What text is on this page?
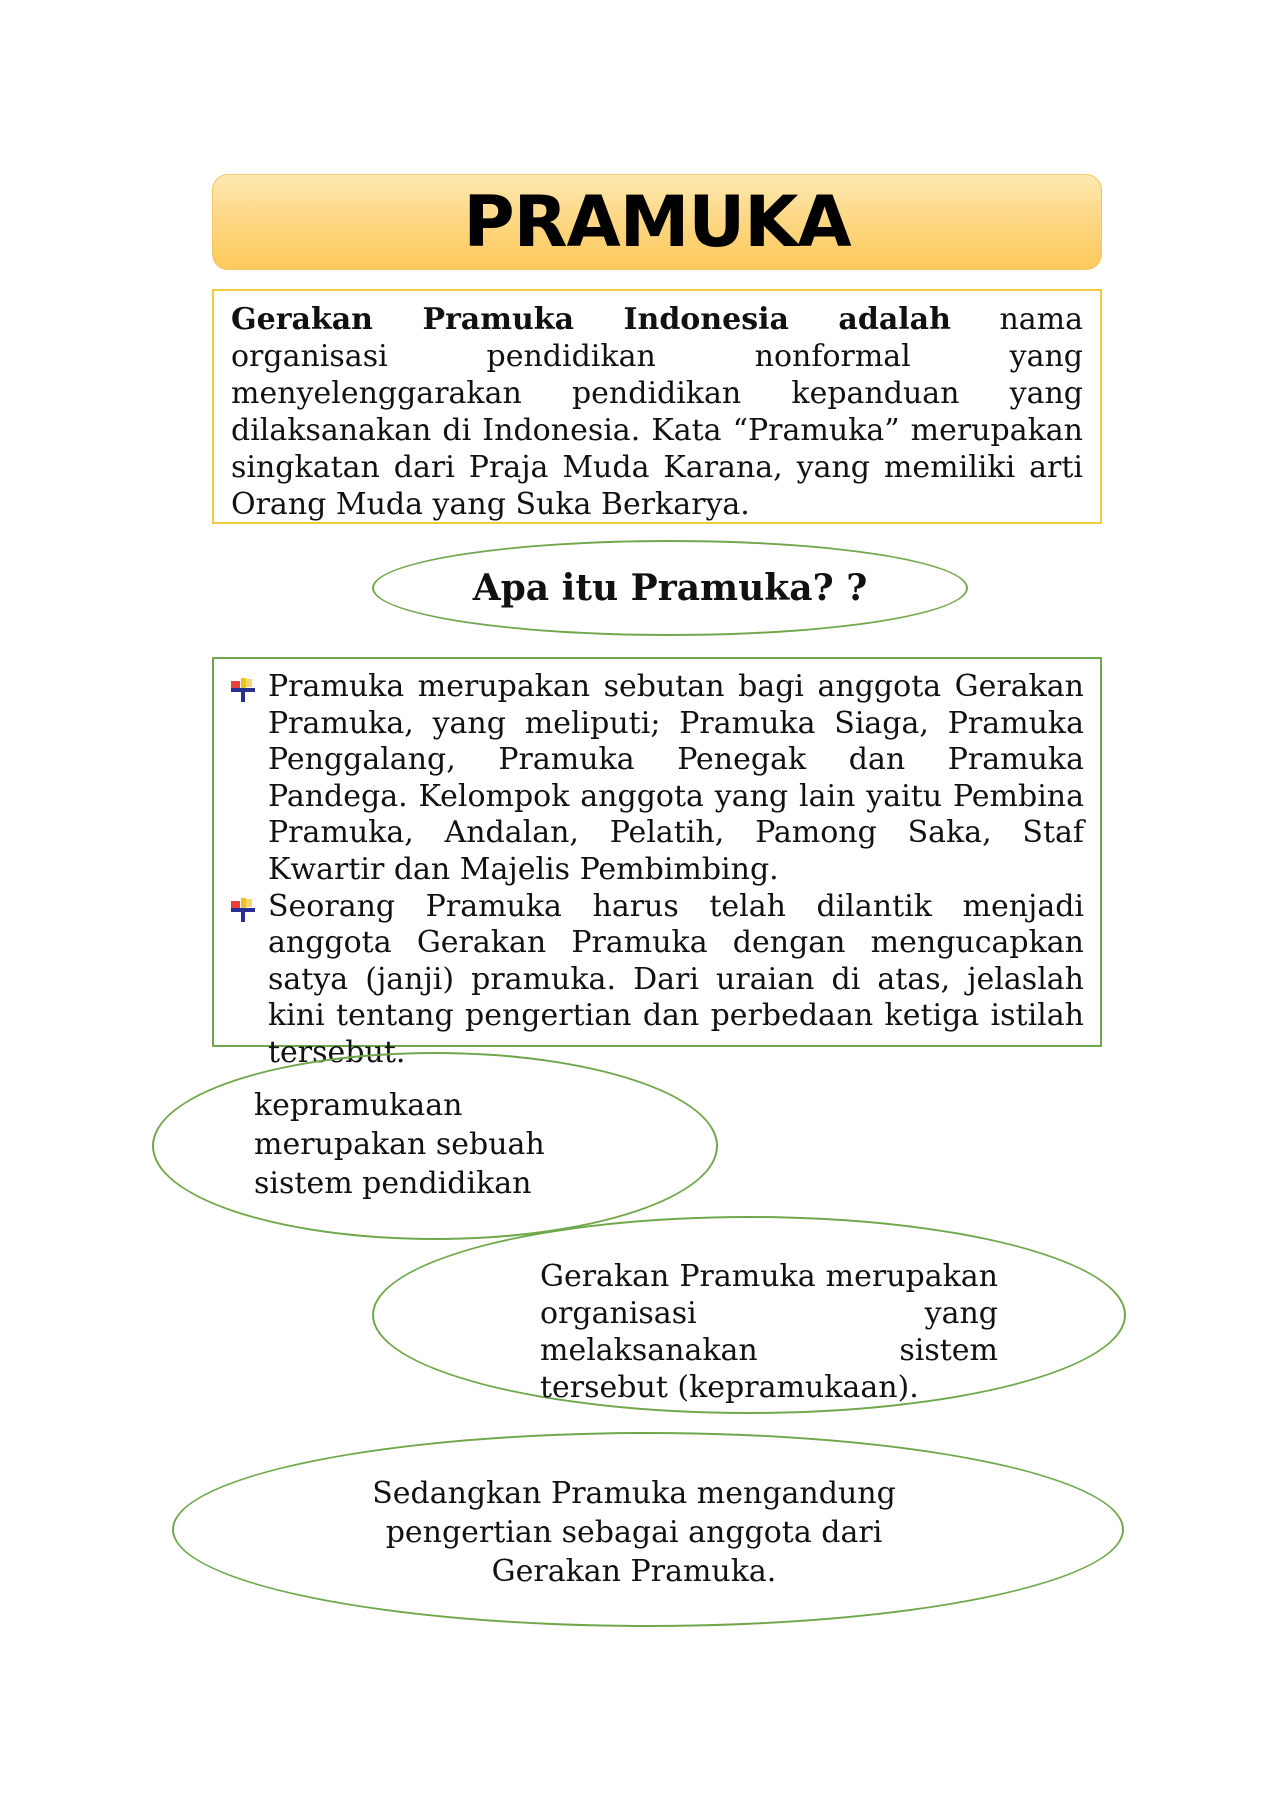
PRAMUKA

Gerakan Pramuka Indonesia adalah nama organisasi pendidikan nonformal yang menyelenggarakan pendidikan kepanduan yang dilaksanakan di Indonesia. Kata “Pramuka” merupakan singkatan dari Praja Muda Karana, yang memiliki arti Orang Muda yang Suka Berkarya.

Apa itu Pramuka? ?
Pramuka merupakan sebutan bagi anggota Gerakan Pramuka, yang meliputi; Pramuka Siaga, Pramuka Penggalang, Pramuka Penegak dan Pramuka Pandega. Kelompok anggota yang lain yaitu Pembina Pramuka, Andalan, Pelatih, Pamong Saka, Staf Kwartir dan Majelis Pembimbing.
Seorang Pramuka harus telah dilantik menjadi anggota Gerakan Pramuka dengan mengucapkan satya (janji) pramuka. Dari uraian di atas, jelaslah kini tentang pengertian dan perbedaan ketiga istilah tersebut.

kepramukaan merupakan sebuah sistem pendidikan

Gerakan Pramuka merupakan organisasi yang melaksanakan sistem tersebut (kepramukaan).

Sedangkan Pramuka mengandung pengertian sebagai anggota dari Gerakan Pramuka.
